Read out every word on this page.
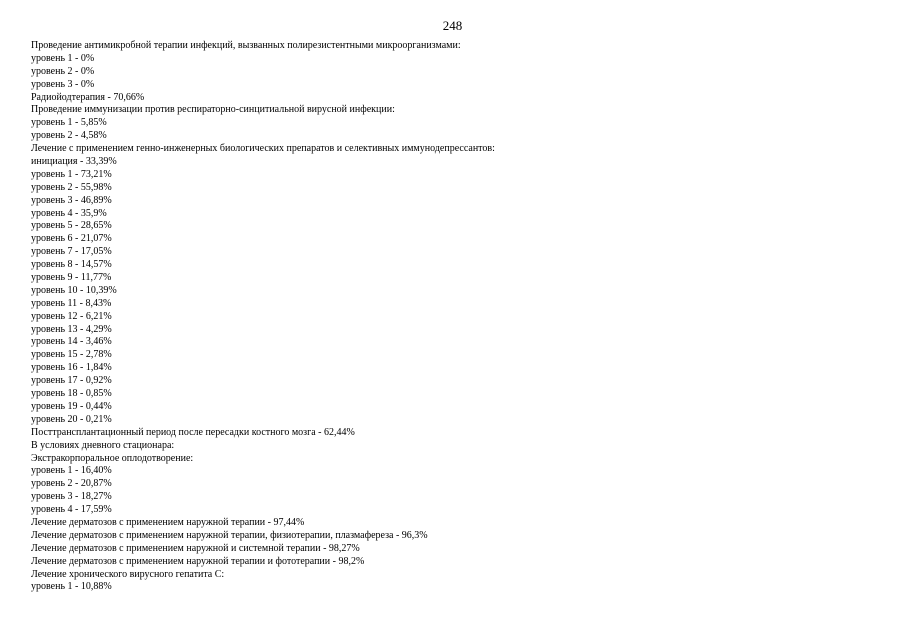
248
Проведение антимикробной терапии инфекций, вызванных полирезистентными микроорганизмами:
уровень 1 - 0%
уровень 2 - 0%
уровень 3 - 0%
Радиойодтерапия - 70,66%
Проведение иммунизации против респираторно-синцитиальной вирусной инфекции:
уровень 1 - 5,85%
уровень 2 - 4,58%
Лечение с применением генно-инженерных биологических препаратов и селективных иммунодепрессантов:
инициация - 33,39%
уровень 1 - 73,21%
уровень 2 - 55,98%
уровень 3 - 46,89%
уровень 4 - 35,9%
уровень 5 - 28,65%
уровень 6 - 21,07%
уровень 7 - 17,05%
уровень 8 - 14,57%
уровень 9 - 11,77%
уровень 10 - 10,39%
уровень 11 - 8,43%
уровень 12 - 6,21%
уровень 13 - 4,29%
уровень 14 - 3,46%
уровень 15 - 2,78%
уровень 16 - 1,84%
уровень 17 - 0,92%
уровень 18 - 0,85%
уровень 19 - 0,44%
уровень 20 - 0,21%
Посттрансплантационный период после пересадки костного мозга - 62,44%
В условиях дневного стационара:
Экстракорпоральное оплодотворение:
уровень 1 - 16,40%
уровень 2 - 20,87%
уровень 3 - 18,27%
уровень 4 - 17,59%
Лечение дерматозов с применением наружной терапии - 97,44%
Лечение дерматозов с применением наружной терапии, физиотерапии, плазмафереза - 96,3%
Лечение дерматозов с применением наружной и системной терапии - 98,27%
Лечение дерматозов с применением наружной терапии и фототерапии - 98,2%
Лечение хронического вирусного гепатита С:
уровень 1 - 10,88%
